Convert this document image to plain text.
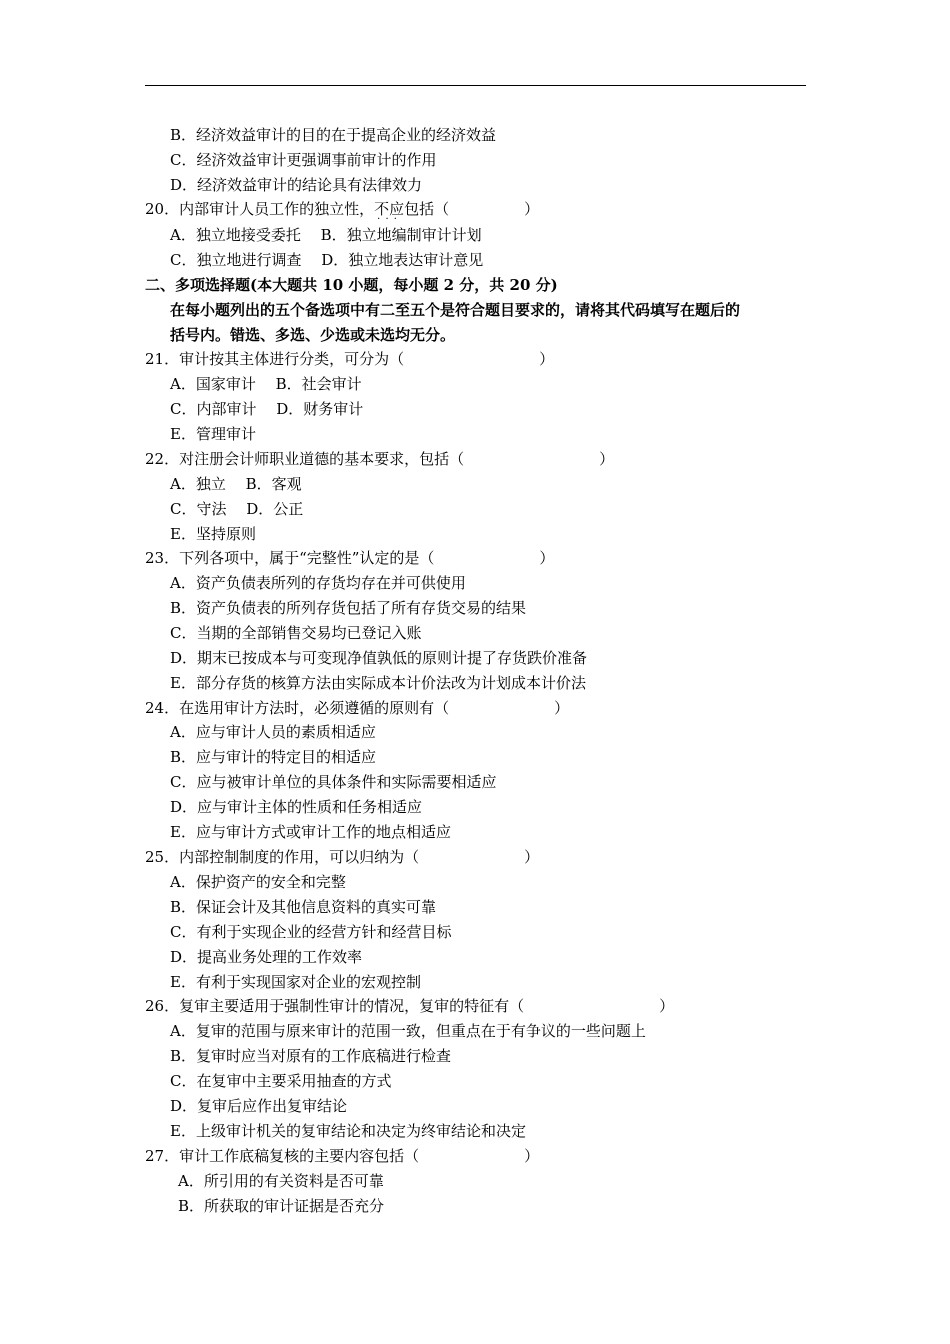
B．经济效益审计的目的在于提高企业的经济效益
C．经济效益审计更强调事前审计的作用
D．经济效益审计的结论具有法律效力
20．内部审计人员工作的独立性，不应 · · ·包括（　　　　　）
A．独立地接受委托　 B．独立地编制审计计划
C．独立地进行调查　 D．独立地表达审计意见
二、多项选择题(本大题共 10 小题，每小题 2 分，共 20 分)
在每小题列出的五个备选项中有二至五个是符合题目要求的，请将其代码填写在题后的
括号内。错选、多选、少选或未选均无分。
21．审计按其主体进行分类，可分为（　　　　　　　　　）
A．国家审计　 B．社会审计
C．内部审计　 D．财务审计
E．管理审计
22．对注册会计师职业道德的基本要求，包括（　　　　　　　　　）
A．独立　 B．客观
C．守法　 D．公正
E．坚持原则
23．下列各项中，属于“完整性”认定的是（　　　　　　　）
A．资产负债表所列的存货均存在并可供使用
B．资产负债表的所列存货包括了所有存货交易的结果
C．当期的全部销售交易均已登记入账
D．期末已按成本与可变现净值孰低的原则计提了存货跌价准备
E．部分存货的核算方法由实际成本计价法改为计划成本计价法
24．在选用审计方法时，必须遵循的原则有（　　　　　　　）
A．应与审计人员的素质相适应
B．应与审计的特定目的相适应
C．应与被审计单位的具体条件和实际需要相适应
D．应与审计主体的性质和任务相适应
E．应与审计方式或审计工作的地点相适应
25．内部控制制度的作用，可以归纳为（　　　　　　　）
A．保护资产的安全和完整
B．保证会计及其他信息资料的真实可靠
C．有利于实现企业的经营方针和经营目标
D．提高业务处理的工作效率
E．有利于实现国家对企业的宏观控制
26．复审主要适用于强制性审计的情况，复审的特征有（　　　　　　　　　）
A．复审的范围与原来审计的范围一致，但重点在于有争议的一些问题上
B．复审时应当对原有的工作底稿进行检查
C．在复审中主要采用抽查的方式
D．复审后应作出复审结论
E．上级审计机关的复审结论和决定为终审结论和决定
27．审计工作底稿复核的主要内容包括（　　　　　　　）
A．所引用的有关资料是否可靠
B．所获取的审计证据是否充分
